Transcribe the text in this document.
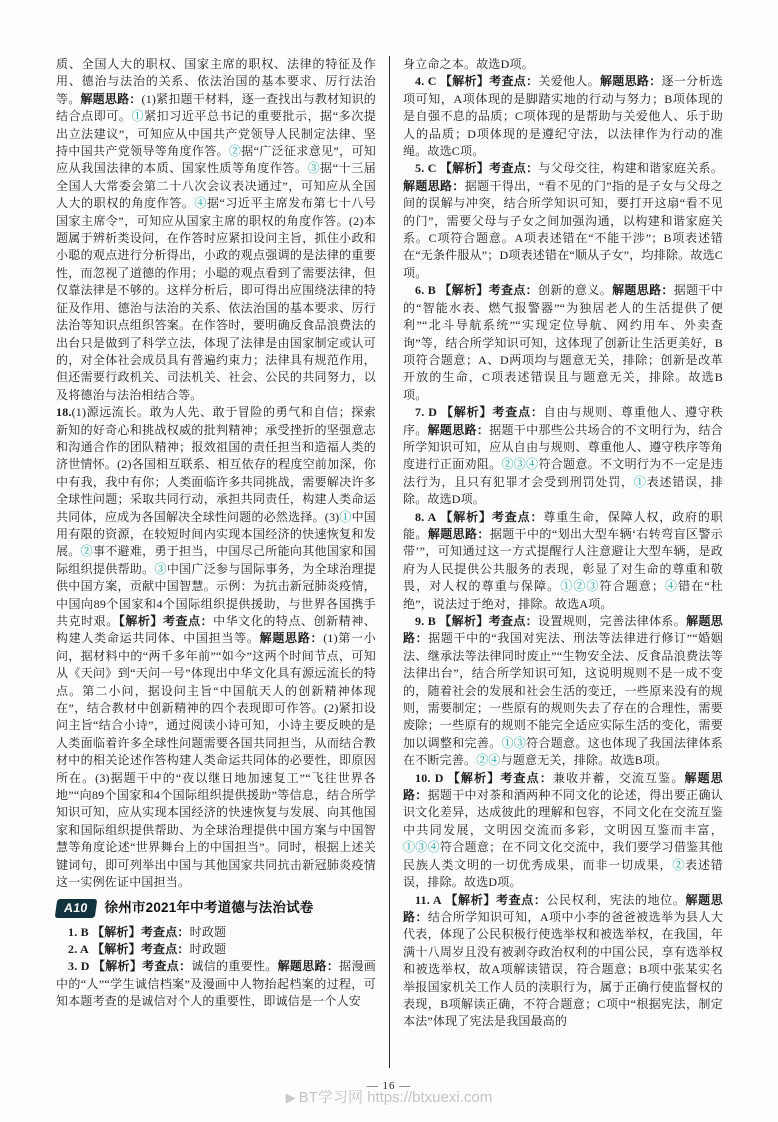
质、全国人大的职权、国家主席的职权、法律的特征及作用、德治与法治的关系、依法治国的基本要求、厉行法治等。解题思路：(1)紧扣题干材料，逐一查找出与教材知识的结合点即可。①紧扣习近平总书记的重要批示，据“多次提出立法建议”，可知应从中国共产党领导人民制定法律、坚持中国共产党领导等角度作答。②据“广泛征求意见”，可知应从我国法律的本质、国家性质等角度作答。③据“十三届全国人大常委会第二十八次会议表决通过”，可知应从全国人大的职权的角度作答。④据“习近平主席发布第七十八号国家主席令”，可知应从国家主席的职权的角度作答。(2)本题属于辨析类设问，在作答时应紧扣设问主旨，抓住小政和小聪的观点进行分析得出，小政的观点强调的是法律的重要性，而忽视了道德的作用；小聪的观点看到了需要法律，但仅靠法律是不够的。这样分析后，即可得出应围绕法律的特征及作用、德治与法治的关系、依法治国的基本要求、厉行法治等知识点组织答案。在作答时，要明确反食品浪费法的出台只是做到了科学立法，体现了法律是由国家制定或认可的，对全体社会成员具有普遍约束力；法律具有规范作用，但还需要行政机关、司法机关、社会、公民的共同努力，以及将德治与法治相结合等。

18.(1)源远流长。敢为人先、敢于冒险的勇气和自信；探索新知的好奇心和挑战权威的批判精神；承受挫折的坚强意志和沟通合作的团队精神；报效祖国的责任担当和造福人类的济世情怀。(2)各国相互联系、相互依存的程度空前加深，你中有我，我中有你；人类面临许多共同挑战，需要解决许多全球性问题；采取共同行动，承担共同责任，构建人类命运共同体，应成为各国解决全球性问题的必然选择。(3)①中国用有限的资源，在较短时间内实现本国经济的快速恢复和发展。②事不避难，勇于担当，中国尽己所能向其他国家和国际组织提供帮助。③中国广泛参与国际事务，为全球治理提供中国方案，贡献中国智慧。示例：为抗击新冠肺炎疫情，中国向89个国家和4个国际组织提供援助，与世界各国携手共克时艰。【解析】考查点：中华文化的特点、创新精神、构建人类命运共同体、中国担当等。解题思路：(1)第一小问，据材料中的“两千多年前”“如今”这两个时间节点，可知从《天问》到“天问一号”体现出中华文化具有源远流长的特点。第二小问，据设问主旨“中国航天人的创新精神体现在”，结合教材中创新精神的四个表现即可作答。(2)紧扣设问主旨“结合小诗”，通过阅读小诗可知，小诗主要反映的是人类面临着许多全球性问题需要各国共同担当，从而结合教材中的相关论述作答构建人类命运共同体的必要性，即原因所在。(3)据题干中的“夜以继日地加速复工”“飞往世界各地”“向89个国家和4个国际组织提供援助”等信息，结合所学知识可知，应从实现本国经济的快速恢复与发展、向其他国家和国际组织提供帮助、为全球治理提供中国方案与中国智慧等角度论述“世界舞台上的中国担当”。同时，根据上述关键词句，即可列举出中国与其他国家共同抗击新冠肺炎疫情这一实例佐证中国担当。

A10	徐州市2021年中考道德与法治试卷

1. B 【解析】考查点：时政题

2. A 【解析】考查点：时政题

3. D 【解析】考查点：诚信的重要性。解题思路：据漫画中的“人”“学生诚信档案”及漫画中人物抬起档案的过程，可知本题考查的是诚信对个人的重要性，即诚信是一个人安

身立命之本。故选D项。

4. C 【解析】考查点：关爱他人。解题思路：逐一分析选项可知，A项体现的是脚踏实地的行动与努力；B项体现的是自强不息的品质；C项体现的是帮助与关爱他人、乐于助人的品质；D项体现的是遵纪守法，以法律作为行动的准绳。故选C项。

5. C 【解析】考查点：与父母交往，构建和谐家庭关系。解题思路：据题干得出，“看不见的门”指的是子女与父母之间的误解与冲突，结合所学知识可知，要打开这扇“看不见的门”，需要父母与子女之间加强沟通，以构建和谐家庭关系。C项符合题意。A项表述错在“不能干涉”；B项表述错在“无条件服从”；D项表述错在“顺从子女”，均排除。故选C项。

6. B 【解析】考查点：创新的意义。解题思路：据题干中的“智能水表、燃气报警器”“为独居老人的生活提供了便利”“北斗导航系统”“实现定位导航、网约用车、外卖查询”等，结合所学知识可知，这体现了创新让生活更美好，B项符合题意；A、D两项均与题意无关，排除；创新是改革开放的生命，C项表述错误且与题意无关，排除。故选B项。

7. D 【解析】考查点：自由与规则、尊重他人、遵守秩序。解题思路：据题干中那些公共场合的不文明行为，结合所学知识可知，应从自由与规则、尊重他人、遵守秩序等角度进行正面劝阻。②③④符合题意。不文明行为不一定是违法行为，且只有犯罪才会受到刑罚处罚，①表述错误，排除。故选D项。

8. A 【解析】考查点：尊重生命，保障人权，政府的职能。解题思路：据题干中的“划出大型车辆‘右转弯盲区警示带’”，可知通过这一方式提醒行人注意避让大型车辆，是政府为人民提供公共服务的表现，彰显了对生命的尊重和敬畏，对人权的尊重与保障。①②③符合题意；④错在“杜绝”，说法过于绝对，排除。故选A项。

9. B 【解析】考查点：设置规则，完善法律体系。解题思路：据题干中的“我国对宪法、刑法等法律进行修订”“婚姻法、继承法等法律同时废止”“生物安全法、反食品浪费法等法律出台”，结合所学知识可知，这说明规则不是一成不变的，随着社会的发展和社会生活的变迁，一些原来没有的规则，需要制定；一些原有的规则失去了存在的合理性，需要废除；一些原有的规则不能完全适应实际生活的变化，需要加以调整和完善。①③符合题意。这也体现了我国法律体系在不断完善。②④与题意无关，排除。故选B项。

10. D 【解析】考查点：兼收并蓄，交流互鉴。解题思路：据题干中对茶和酒两种不同文化的论述，得出要正确认识文化差异，达成彼此的理解和包容，不同文化在交流互鉴中共同发展，文明因交流而多彩，文明因互鉴而丰富，①③④符合题意；在不同文化交流中，我们要学习借鉴其他民族人类文明的一切优秀成果，而非一切成果，②表述错误，排除。故选D项。

11. A 【解析】考查点：公民权利，宪法的地位。解题思路：结合所学知识可知，A项中小李的爸爸被选举为县人大代表，体现了公民积极行使选举权和被选举权，在我国，年满十八周岁且没有被剥夺政治权利的中国公民，享有选举权和被选举权，故A项解读错误，符合题意；B项中张某实名举报国家机关工作人员的渎职行为，属于正确行使监督权的表现，B项解读正确，不符合题意；C项中“根据宪法，制定本法”体现了宪法是我国最高的

▶ BT学习网 https://btxuexi.com
— 16 —
